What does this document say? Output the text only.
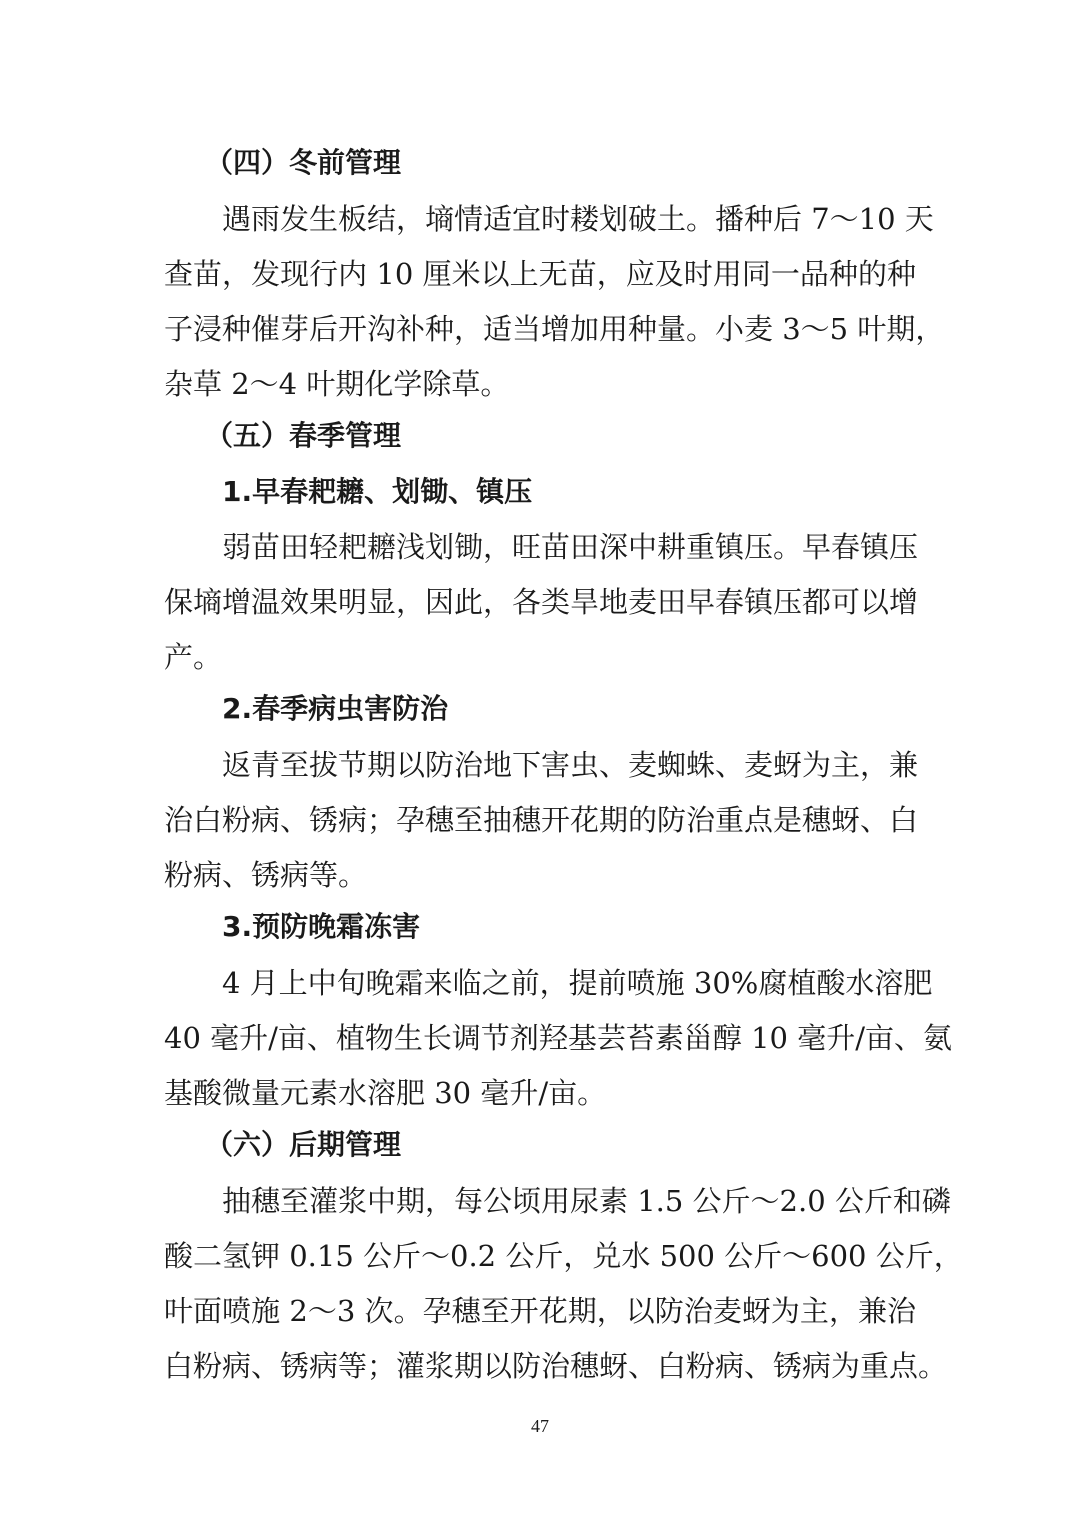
（四）冬前管理
遇雨发生板结，墒情适宜时耧划破土。播种后 7～10 天
查苗，发现行内 10 厘米以上无苗，应及时用同一品种的种
子浸种催芽后开沟补种，适当增加用种量。小麦 3～5 叶期，
杂草 2～4 叶期化学除草。
（五）春季管理
1.早春耙耱、划锄、镇压
弱苗田轻耙耱浅划锄，旺苗田深中耕重镇压。早春镇压
保墒增温效果明显，因此，各类旱地麦田早春镇压都可以增
产。
2.春季病虫害防治
返青至拔节期以防治地下害虫、麦蜘蛛、麦蚜为主，兼
治白粉病、锈病；孕穗至抽穗开花期的防治重点是穗蚜、白
粉病、锈病等。
3.预防晚霜冻害
4 月上中旬晚霜来临之前，提前喷施 30%腐植酸水溶肥
40 毫升/亩、植物生长调节剂羟基芸苔素甾醇 10 毫升/亩、氨
基酸微量元素水溶肥 30 毫升/亩。
（六）后期管理
抽穗至灌浆中期，每公顷用尿素 1.5 公斤～2.0 公斤和磷
酸二氢钾 0.15 公斤～0.2 公斤，兑水 500 公斤～600 公斤，
叶面喷施 2～3 次。孕穗至开花期，以防治麦蚜为主，兼治
白粉病、锈病等；灌浆期以防治穗蚜、白粉病、锈病为重点。
47
